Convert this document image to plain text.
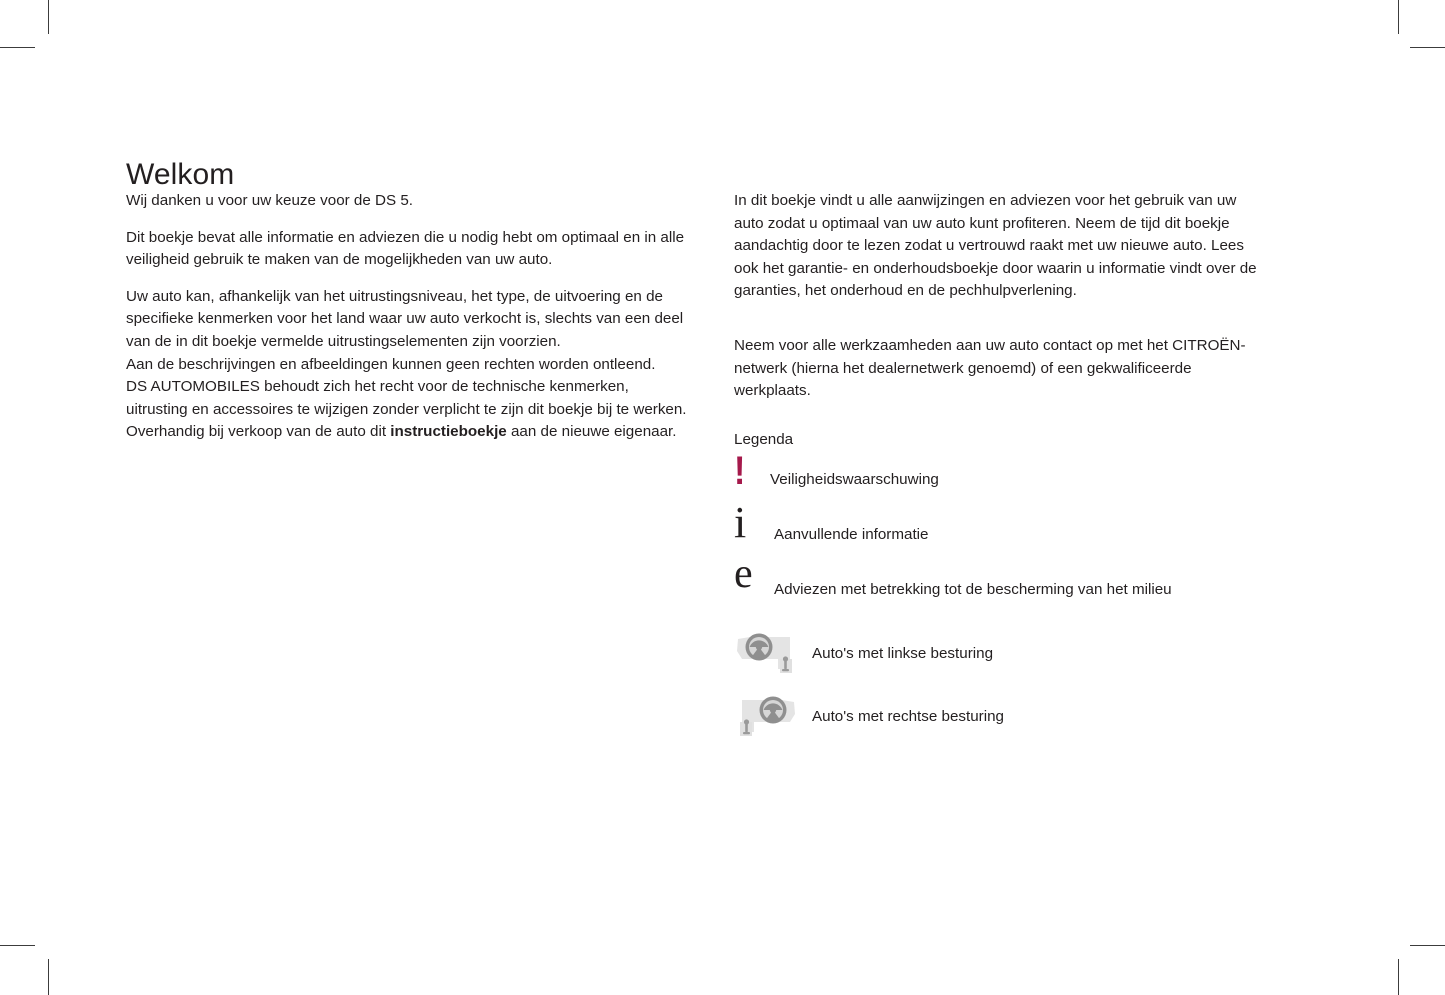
Welkom

Wij danken u voor uw keuze voor de DS 5.

Dit boekje bevat alle informatie en adviezen die u nodig hebt om optimaal en in alle veiligheid gebruik te maken van de mogelijkheden van uw auto.

Uw auto kan, afhankelijk van het uitrustingsniveau, het type, de uitvoering en de specifieke kenmerken voor het land waar uw auto verkocht is, slechts van een deel van de in dit boekje vermelde uitrustingselementen zijn voorzien.

Aan de beschrijvingen en afbeeldingen kunnen geen rechten worden ontleend.

DS AUTOMOBILES behoudt zich het recht voor de technische kenmerken, uitrusting en accessoires te wijzigen zonder verplicht te zijn dit boekje bij te werken.

Overhandig bij verkoop van de auto dit instructieboekje aan de nieuwe eigenaar.

In dit boekje vindt u alle aanwijzingen en adviezen voor het gebruik van uw auto zodat u optimaal van uw auto kunt profiteren. Neem de tijd dit boekje aandachtig door te lezen zodat u vertrouwd raakt met uw nieuwe auto. Lees ook het garantie- en onderhoudsboekje door waarin u informatie vindt over de garanties, het onderhoud en de pechhulpverlening.

Neem voor alle werkzaamheden aan uw auto contact op met het CITROËN-netwerk (hierna het dealernetwerk genoemd) of een gekwalificeerde werkplaats.

Legenda
! Veiligheidswaarschuwing
i Aanvullende informatie
e Adviezen met betrekking tot de bescherming van het milieu
Auto's met linkse besturing
Auto's met rechtse besturing
